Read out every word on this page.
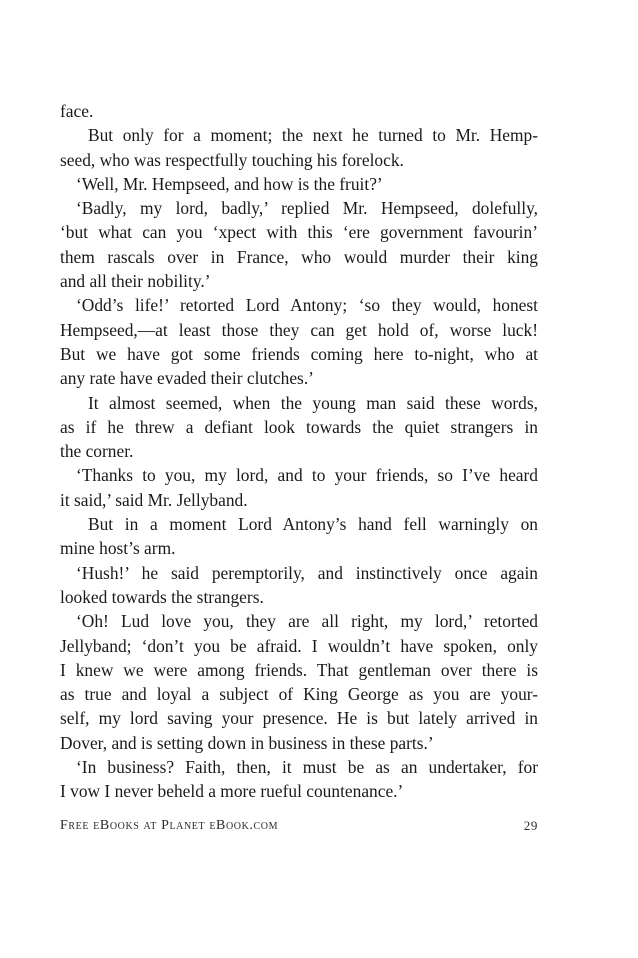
face.
But only for a moment; the next he turned to Mr. Hemp-
seed, who was respectfully touching his forelock.
‘Well, Mr. Hempseed, and how is the fruit?’
‘Badly, my lord, badly,’ replied Mr. Hempseed, dolefully,
‘but what can you ‘xpect with this ‘ere government favourin’
them rascals over in France, who would murder their king
and all their nobility.’
‘Odd’s life!’ retorted Lord Antony; ‘so they would, honest
Hempseed,—at least those they can get hold of, worse luck!
But we have got some friends coming here to-night, who at
any rate have evaded their clutches.’
It almost seemed, when the young man said these words,
as if he threw a defiant look towards the quiet strangers in
the corner.
‘Thanks to you, my lord, and to your friends, so I’ve heard
it said,’ said Mr. Jellyband.
But in a moment Lord Antony’s hand fell warningly on
mine host’s arm.
‘Hush!’ he said peremptorily, and instinctively once again
looked towards the strangers.
‘Oh! Lud love you, they are all right, my lord,’ retorted
Jellyband; ‘don’t you be afraid. I wouldn’t have spoken, only
I knew we were among friends. That gentleman over there is
as true and loyal a subject of King George as you are your-
self, my lord saving your presence. He is but lately arrived in
Dover, and is setting down in business in these parts.’
‘In business? Faith, then, it must be as an undertaker, for
I vow I never beheld a more rueful countenance.’
Free eBooks at Planet eBook.com	29
